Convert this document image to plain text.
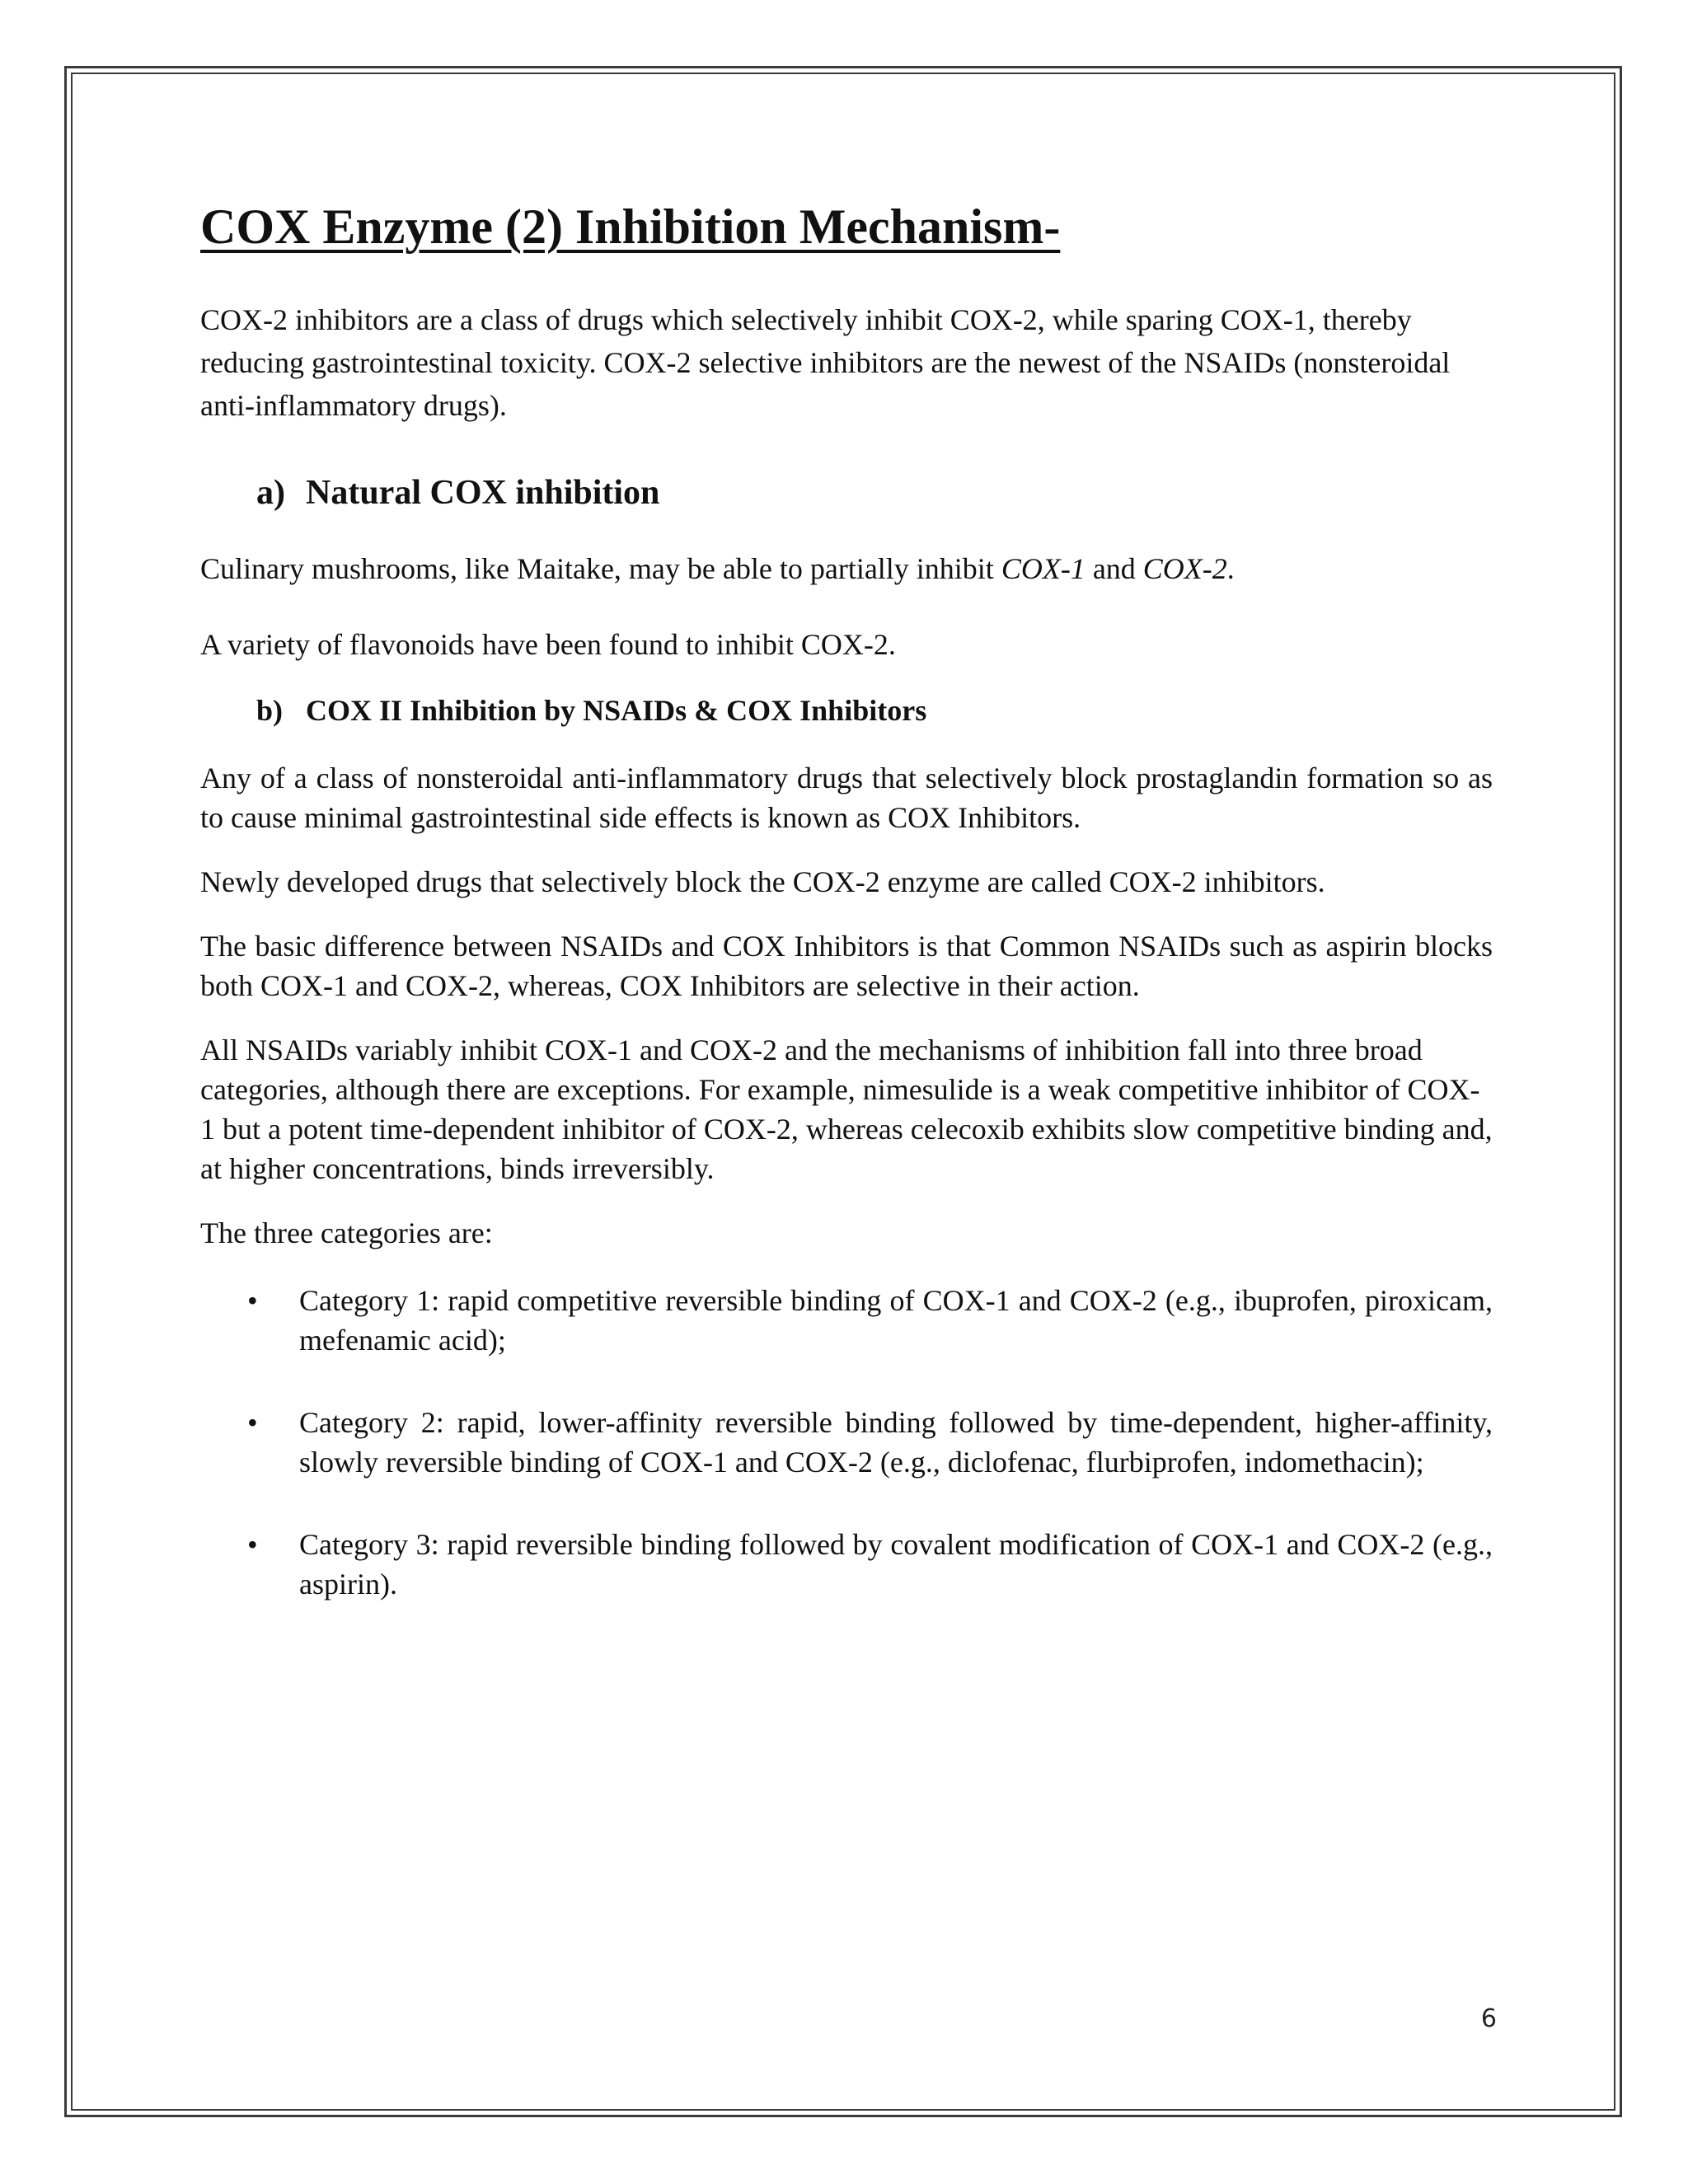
COX Enzyme (2) Inhibition Mechanism-

COX-2 inhibitors are a class of drugs which selectively inhibit COX-2, while sparing COX-1, thereby reducing gastrointestinal toxicity. COX-2 selective inhibitors are the newest of the NSAIDs (nonsteroidal anti-inflammatory drugs).

a) Natural COX inhibition

Culinary mushrooms, like Maitake, may be able to partially inhibit COX-1 and COX-2.

A variety of flavonoids have been found to inhibit COX-2.

b) COX II Inhibition by NSAIDs & COX Inhibitors

Any of a class of nonsteroidal anti-inflammatory drugs that selectively block prostaglandin formation so as to cause minimal gastrointestinal side effects is known as COX Inhibitors.

Newly developed drugs that selectively block the COX-2 enzyme are called COX-2 inhibitors.

The basic difference between NSAIDs and COX Inhibitors is that Common NSAIDs such as aspirin blocks both COX-1 and COX-2, whereas, COX Inhibitors are selective in their action.

All NSAIDs variably inhibit COX-1 and COX-2 and the mechanisms of inhibition fall into three broad categories, although there are exceptions. For example, nimesulide is a weak competitive inhibitor of COX-1 but a potent time-dependent inhibitor of COX-2, whereas celecoxib exhibits slow competitive binding and, at higher concentrations, binds irreversibly.

The three categories are:

• Category 1: rapid competitive reversible binding of COX-1 and COX-2 (e.g., ibuprofen, piroxicam, mefenamic acid);
• Category 2: rapid, lower-affinity reversible binding followed by time-dependent, higher-affinity, slowly reversible binding of COX-1 and COX-2 (e.g., diclofenac, flurbiprofen, indomethacin);
• Category 3: rapid reversible binding followed by covalent modification of COX-1 and COX-2 (e.g., aspirin).
6
